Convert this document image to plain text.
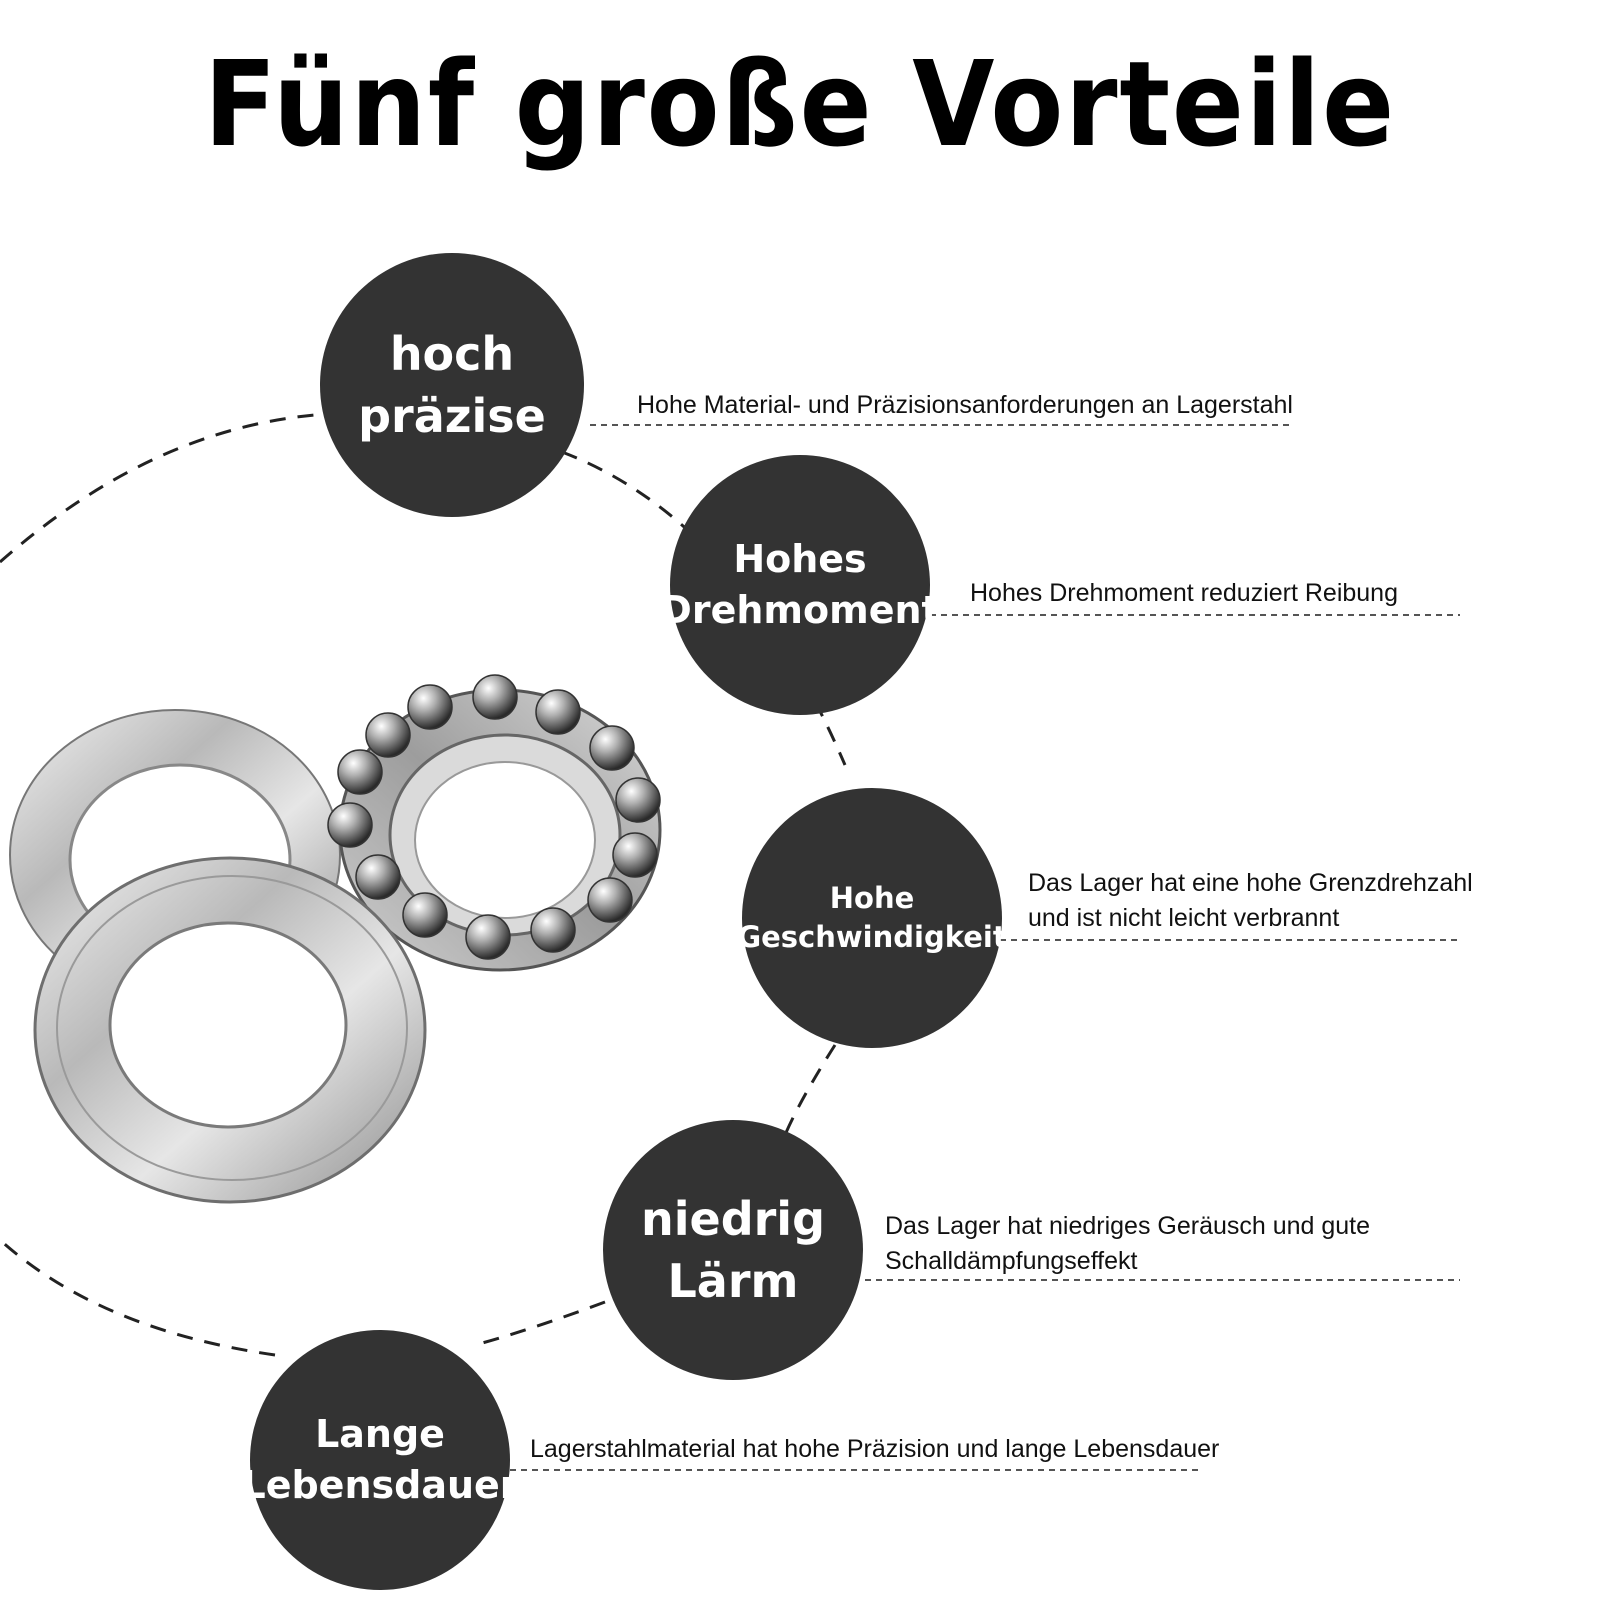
Fünf große Vorteile
hoch
präzise
Hohes
Drehmoment
Hohe
Geschwindigkeit
niedrig
Lärm
Lange
Lebensdauer
Hohe Material- und Präzisionsanforderungen an Lagerstahl
Hohes Drehmoment reduziert Reibung
Das Lager hat eine hohe Grenzdrehzahl
und ist nicht leicht verbrannt
Das Lager hat niedriges Geräusch und gute
Schalldämpfungseffekt
Lagerstahlmaterial hat hohe Präzision und lange Lebensdauer
